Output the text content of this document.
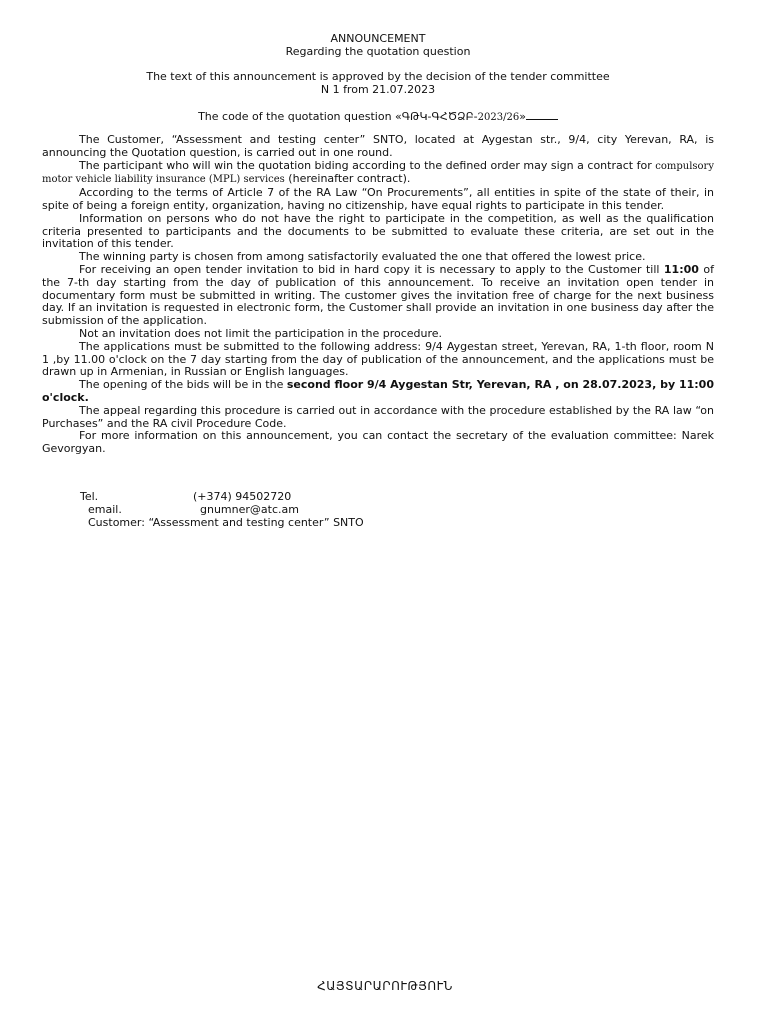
ANNOUNCEMENT
Regarding the quotation question
The text of this announcement is approved by the decision of the tender committee
N 1 from 21.07.2023
The code of the quotation question «ԳԹԿ-ԳՀԾՁԲ-2023/26»

The Customer, “Assessment and testing center” SNTO, located at Aygestan str., 9/4, city Yerevan, RA, is announcing the Quotation question, is carried out in one round.

The participant who will win the quotation biding according to the defined order may sign a contract for compulsory motor vehicle liability insurance (MPL) services (hereinafter contract).

According to the terms of Article 7 of the RA Law “On Procurements”, all entities in spite of the state of their, in spite of being a foreign entity, organization, having no citizenship, have equal rights to participate in this tender.

Information on persons who do not have the right to participate in the competition, as well as the qualification criteria presented to participants and the documents to be submitted to evaluate these criteria, are set out in the invitation of this tender.

The winning party is chosen from among satisfactorily evaluated the one that offered the lowest price.

For receiving an open tender invitation to bid in hard copy it is necessary to apply to the Customer till 11:00 of the 7-th day starting from the day of publication of this announcement. To receive an invitation open tender in documentary form must be submitted in writing. The customer gives the invitation free of charge for the next business day. If an invitation is requested in electronic form, the Customer shall provide an invitation in one business day after the submission of the application.

Not an invitation does not limit the participation in the procedure.

The applications must be submitted to the following address: 9/4 Aygestan street, Yerevan, RA, 1-th floor, room N 1 ,by 11.00 o'clock on the 7 day starting from the day of publication of the announcement, and the applications must be drawn up in Armenian, in Russian or English languages.

The opening of the bids will be in the second floor 9/4 Aygestan Str, Yerevan, RA , on 28.07.2023, by 11:00 o'clock.

The appeal regarding this procedure is carried out in accordance with the procedure established by the RA law “on Purchases” and the RA civil Procedure Code.

For more information on this announcement, you can contact the secretary of the evaluation committee: Narek Gevorgyan.

Tel.	(+374) 94502720
email.	gnumner@atc.am
Customer: “Assessment and testing center” SNTO
ՀԱՅՏԱՐԱՐՈՒԹՅՈՒՆ
